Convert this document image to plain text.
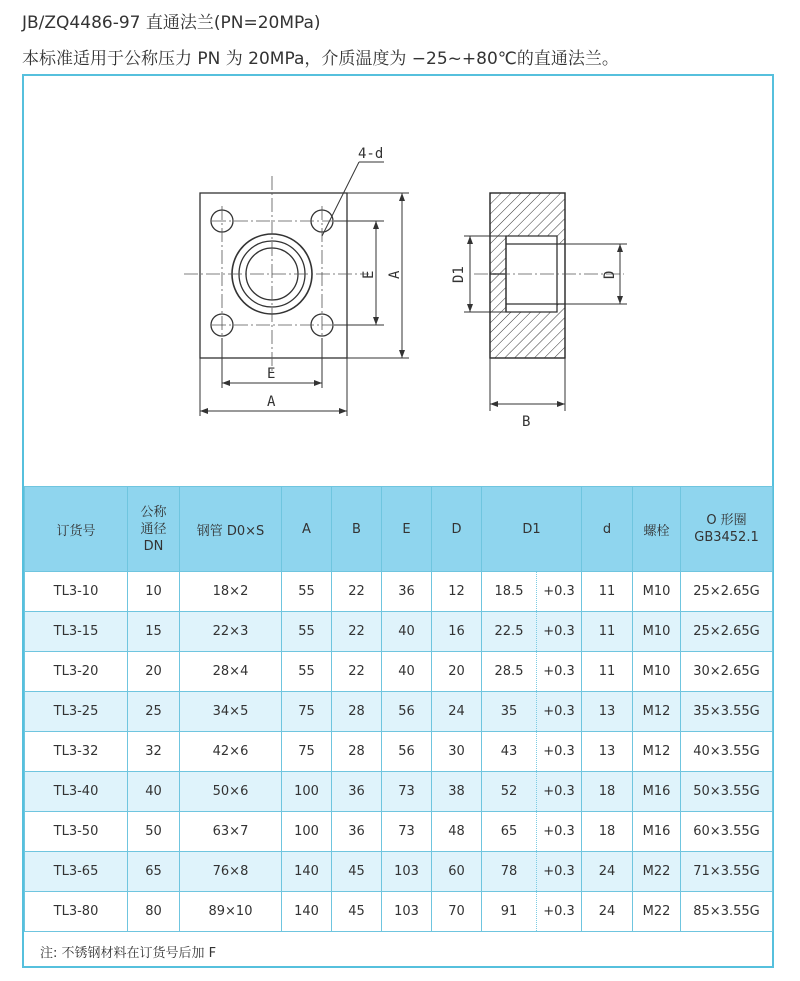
JB/ZQ4486-97 直通法兰(PN=20MPa)
本标准适用于公称压力 PN 为 20MPa，介质温度为 −25~+80℃的直通法兰。
4-d
E
A
E A	D1	D
B
订货号	公称
通径
DN	钢管 D0×S	A	B	E	D	D1		d	螺栓	O 形圈
GB3452.1

TL3-10	10	18×2	55	22	36	12	18.5	+0.3	11	M10	25×2.65G
TL3-15	15	22×3	55	22	40	16	22.5	+0.3	11	M10	25×2.65G
TL3-20	20	28×4	55	22	40	20	28.5	+0.3	11	M10	30×2.65G
TL3-25	25	34×5	75	28	56	24	35	+0.3	13	M12	35×3.55G
TL3-32	32	42×6	75	28	56	30	43	+0.3	13	M12	40×3.55G
TL3-40	40	50×6	100	36	73	38	52	+0.3	18	M16	50×3.55G
TL3-50	50	63×7	100	36	73	48	65	+0.3	18	M16	60×3.55G
TL3-65	65	76×8	140	45	103	60	78	+0.3	24	M22	71×3.55G
TL3-80	80	89×10	140	45	103	70	91	+0.3	24	M22	85×3.55G
注: 不锈钢材料在订货号后加 F
